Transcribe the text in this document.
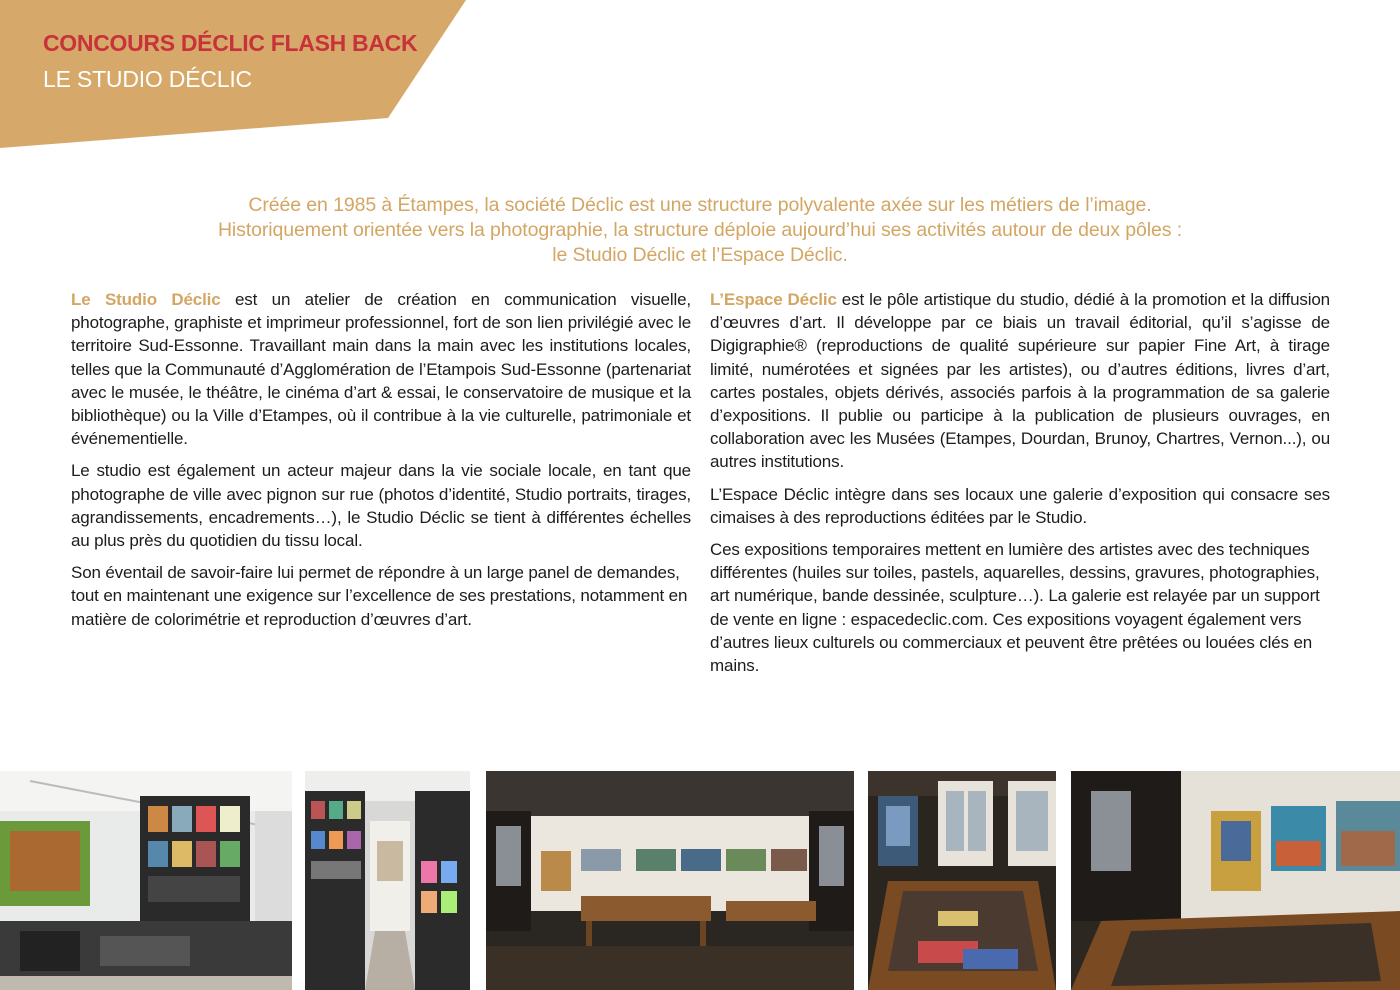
CONCOURS DÉCLIC FLASH BACK
LE STUDIO DÉCLIC
Créée en 1985 à Étampes, la société Déclic est une structure polyvalente axée sur les métiers de l’image.
Historiquement orientée vers la photographie, la structure déploie aujourd’hui ses activités autour de deux pôles :
le Studio Déclic et l’Espace Déclic.

Le Studio Déclic est un atelier de création en communication visuelle, photographe, graphiste et imprimeur professionnel, fort de son lien privilégié avec le territoire Sud-Essonne. Travaillant main dans la main avec les institutions locales, telles que la Communauté d’Agglomération de l’Etampois Sud-Essonne (partenariat avec le musée, le théâtre, le cinéma d’art & essai, le conservatoire de musique et la bibliothèque) ou la Ville d’Etampes, où il contribue à la vie culturelle, patrimoniale et événementielle.

Le studio est également un acteur majeur dans la vie sociale locale, en tant que photographe de ville avec pignon sur rue (photos d’identité, Studio portraits, tirages, agrandissements, encadrements…), le Studio Déclic se tient à différentes échelles au plus près du quotidien du tissu local.

Son éventail de savoir-faire lui permet de répondre à un large panel de demandes, tout en maintenant une exigence sur l’excellence de ses prestations, notamment en matière de colorimétrie et reproduction d’œuvres d’art.

L’Espace Déclic est le pôle artistique du studio, dédié à la promotion et la diffusion d’œuvres d’art. Il développe par ce biais un travail éditorial, qu’il s’agisse de Digigraphie® (reproductions de qualité supérieure sur papier Fine Art, à tirage limité, numérotées et signées par les artistes), ou d’autres éditions, livres d’art, cartes postales, objets dérivés, associés parfois à la programmation de sa galerie d’expositions. Il publie ou participe à la publication de plusieurs ouvrages, en collaboration avec les Musées (Etampes, Dourdan, Brunoy, Chartres, Vernon...), ou autres institutions.

L’Espace Déclic intègre dans ses locaux une galerie d’exposition qui consacre ses cimaises à des reproductions éditées par le Studio.

Ces expositions temporaires mettent en lumière des artistes avec des techniques différentes (huiles sur toiles, pastels, aquarelles, dessins, gravures, photographies, art numérique, bande dessinée, sculpture…). La galerie est relayée par un support de vente en ligne : espacedeclic.com. Ces expositions voyagent également vers d’autres lieux culturels ou commerciaux et peuvent être prêtées ou louées clés en mains.
